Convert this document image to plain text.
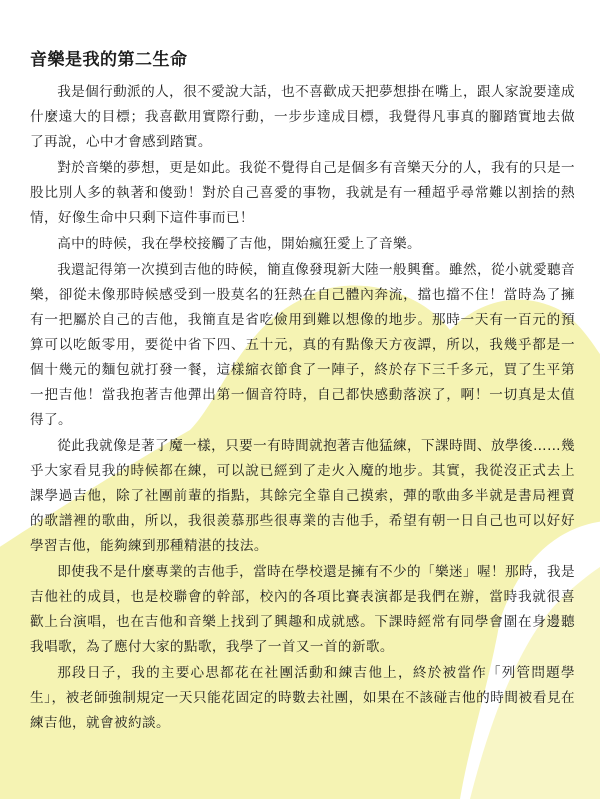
音樂是我的第二生命

我是個行動派的人，很不愛說大話，也不喜歡成天把夢想掛在嘴上，跟人家說要達成什麼遠大的目標；我喜歡用實際行動，一步步達成目標，我覺得凡事真的腳踏實地去做了再說，心中才會感到踏實。

對於音樂的夢想，更是如此。我從不覺得自己是個多有音樂天分的人，我有的只是一股比別人多的執著和傻勁！對於自己喜愛的事物，我就是有一種超乎尋常難以割捨的熱情，好像生命中只剩下這件事而已！

高中的時候，我在學校接觸了吉他，開始瘋狂愛上了音樂。

我還記得第一次摸到吉他的時候，簡直像發現新大陸一般興奮。雖然，從小就愛聽音樂，卻從未像那時候感受到一股莫名的狂熱在自己體內奔流，擋也擋不住！當時為了擁有一把屬於自己的吉他，我簡直是省吃儉用到難以想像的地步。那時一天有一百元的預算可以吃飯零用，要從中省下四、五十元，真的有點像天方夜譚，所以，我幾乎都是一個十幾元的麵包就打發一餐，這樣縮衣節食了一陣子，終於存下三千多元，買了生平第一把吉他！當我抱著吉他彈出第一個音符時，自己都快感動落淚了，啊！一切真是太值得了。

從此我就像是著了魔一樣，只要一有時間就抱著吉他猛練，下課時間、放學後……幾乎大家看見我的時候都在練，可以說已經到了走火入魔的地步。其實，我從沒正式去上課學過吉他，除了社團前輩的指點，其餘完全靠自己摸索，彈的歌曲多半就是書局裡賣的歌譜裡的歌曲，所以，我很羨慕那些很專業的吉他手，希望有朝一日自己也可以好好學習吉他，能夠練到那種精湛的技法。

即使我不是什麼專業的吉他手，當時在學校還是擁有不少的「樂迷」喔！那時，我是吉他社的成員，也是校聯會的幹部，校內的各項比賽表演都是我們在辦，當時我就很喜歡上台演唱，也在吉他和音樂上找到了興趣和成就感。下課時經常有同學會圍在身邊聽我唱歌，為了應付大家的點歌，我學了一首又一首的新歌。

那段日子，我的主要心思都花在社團活動和練吉他上，終於被當作「列管問題學生」，被老師強制規定一天只能花固定的時數去社團，如果在不該碰吉他的時間被看見在練吉他，就會被約談。
